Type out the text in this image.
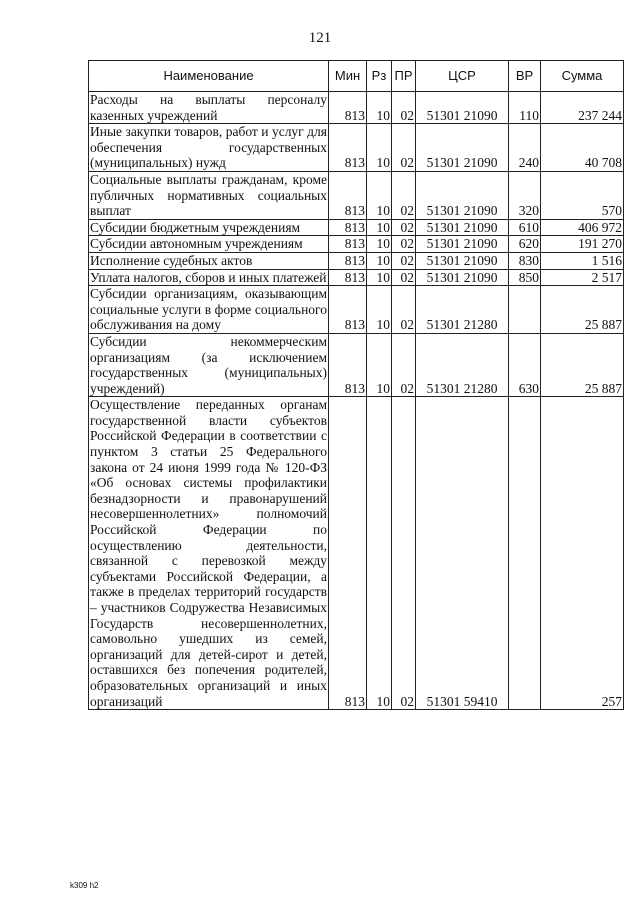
121
Наименование	Мин	Рз	ПР	ЦСР	ВР	Сумма
Расходы на выплаты персоналу казенных учреждений	813	10	02	51301 21090	110	237 244
Иные закупки товаров, работ и услуг для обеспечения государственных (муниципальных) нужд	813	10	02	51301 21090	240	40 708
Социальные выплаты гражданам, кроме публичных нормативных социальных выплат	813	10	02	51301 21090	320	570
Субсидии бюджетным учреждениям	813	10	02	51301 21090	610	406 972
Субсидии автономным учреждениям	813	10	02	51301 21090	620	191 270
Исполнение судебных актов	813	10	02	51301 21090	830	1 516
Уплата налогов, сборов и иных платежей	813	10	02	51301 21090	850	2 517
Субсидии организациям, оказывающим социальные услуги в форме социального обслуживания на дому	813	10	02	51301 21280		25 887
Субсидии некоммерческим организациям (за исключением государственных (муниципальных) учреждений)	813	10	02	51301 21280	630	25 887
Осуществление переданных органам государственной власти субъектов Российской Федерации в соответствии с пунктом 3 статьи 25 Федерального закона от 24 июня 1999 года № 120-ФЗ «Об основах системы профилактики безнадзорности и правонарушений несовершеннолетних» полномочий Российской Федерации по осуществлению деятельности, связанной с перевозкой между субъектами Российской Федерации, а также в пределах территорий государств – участников Содружества Независимых Государств несовершеннолетних, самовольно ушедших из семей, организаций для детей-сирот и детей, оставшихся без попечения родителей, образовательных организаций и иных организаций	813	10	02	51301 59410		257
k309 h2
